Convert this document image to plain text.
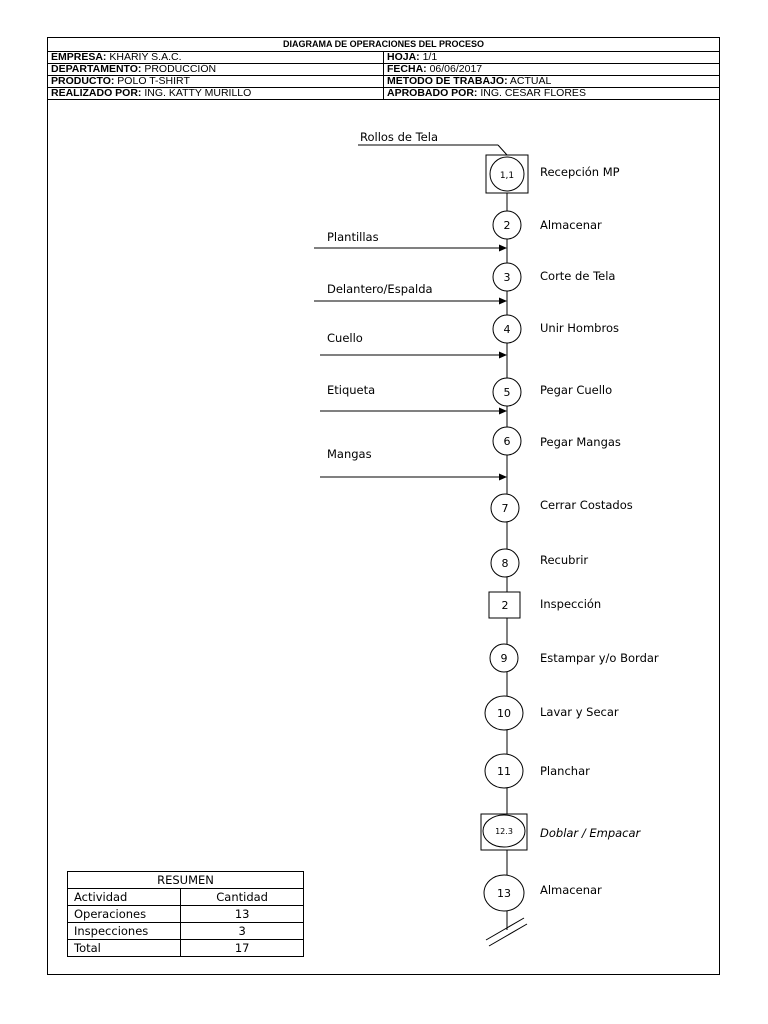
DIAGRAMA DE OPERACIONES DEL PROCESO	
EMPRESA: KHARIY S.A.C.	HOJA: 1/1
DEPARTAMENTO: PRODUCCIÓN	FECHA: 06/06/2017
PRODUCTO: POLO T-SHIRT	METODO DE TRABAJO: ACTUAL
REALIZADO POR: ING. KATTY MURILLO	APROBADO POR: ING. CESAR FLORES
Rollos de Tela
Plantillas
Delantero/Espalda
Cuello
Etiqueta
Mangas
1,1 Recepción MP
2	Almacenar
3	Corte de Tela
4	Unir Hombros
5	Pegar Cuello
6	Pegar Mangas
7	Cerrar Costados
8	Recubrir
2	Inspección
9	Estampar y/o Bordar
10	Lavar y Secar
11	Planchar
12.3 Doblar / Empacar
13	Almacenar
RESUMEN	
Actividad	Cantidad
Operaciones	13
Inspecciones	3
Total	17
